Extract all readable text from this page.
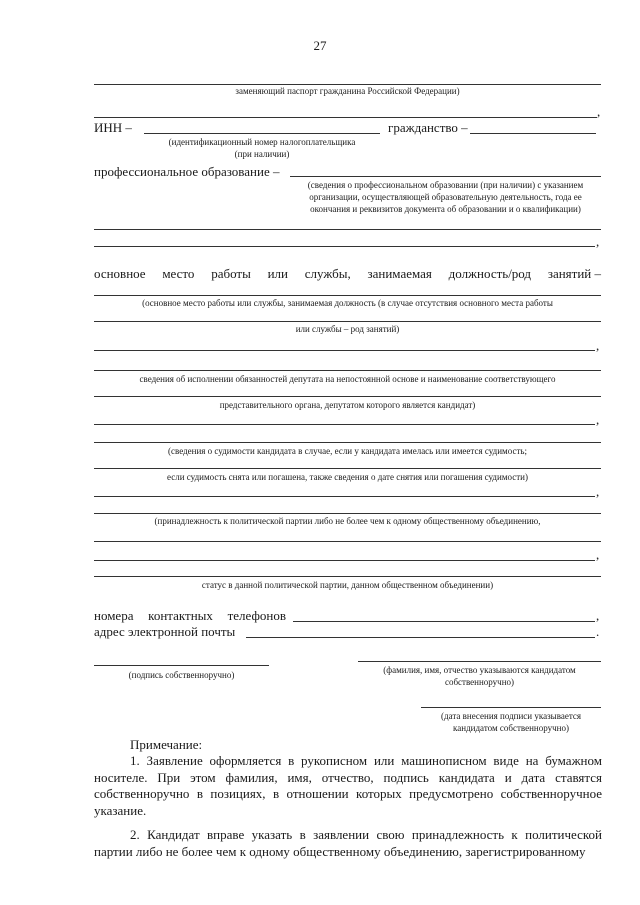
27
заменяющий паспорт гражданина Российской Федерации)
,
ИНН –	гражданство –
(идентификационный номер налогоплательщика
(при наличии)
профессиональное образование –
(сведения о профессиональном образовании (при наличии) с указанием
организации, осуществляющей образовательную деятельность, года ее
окончания и реквизитов документа об образовании и о квалификации)
,
основное место работы или службы, занимаемая должность/род занятий –
(основное место работы или службы, занимаемая должность (в случае отсутствия основного места работы
или службы – род занятий)
,
сведения об исполнении обязанностей депутата на непостоянной основе и наименование соответствующего
представительного органа, депутатом которого является кандидат)
,
(сведения о судимости кандидата в случае, если у кандидата имелась или имеется судимость;
если судимость снята или погашена, также сведения о дате снятия или погашения судимости)
,
(принадлежность к политической партии либо не более чем к одному общественному объединению,
,
статус в данной политической партии, данном общественном объединении)
номера контактных телефонов	,
адрес электронной почты	.
(подпись собственноручно)	(фамилия, имя, отчество указываются кандидатом
собственноручно)
(дата внесения подписи указывается
кандидатом собственноручно)
Примечание:
1. Заявление оформляется в рукописном или машинописном виде на бумажном носителе. При этом фамилия, имя, отчество, подпись кандидата и дата ставятся собственноручно в позициях, в отношении которых предусмотрено собственноручное указание.
2. Кандидат вправе указать в заявлении свою принадлежность к политической партии либо не более чем к одному общественному объединению, зарегистрированному
